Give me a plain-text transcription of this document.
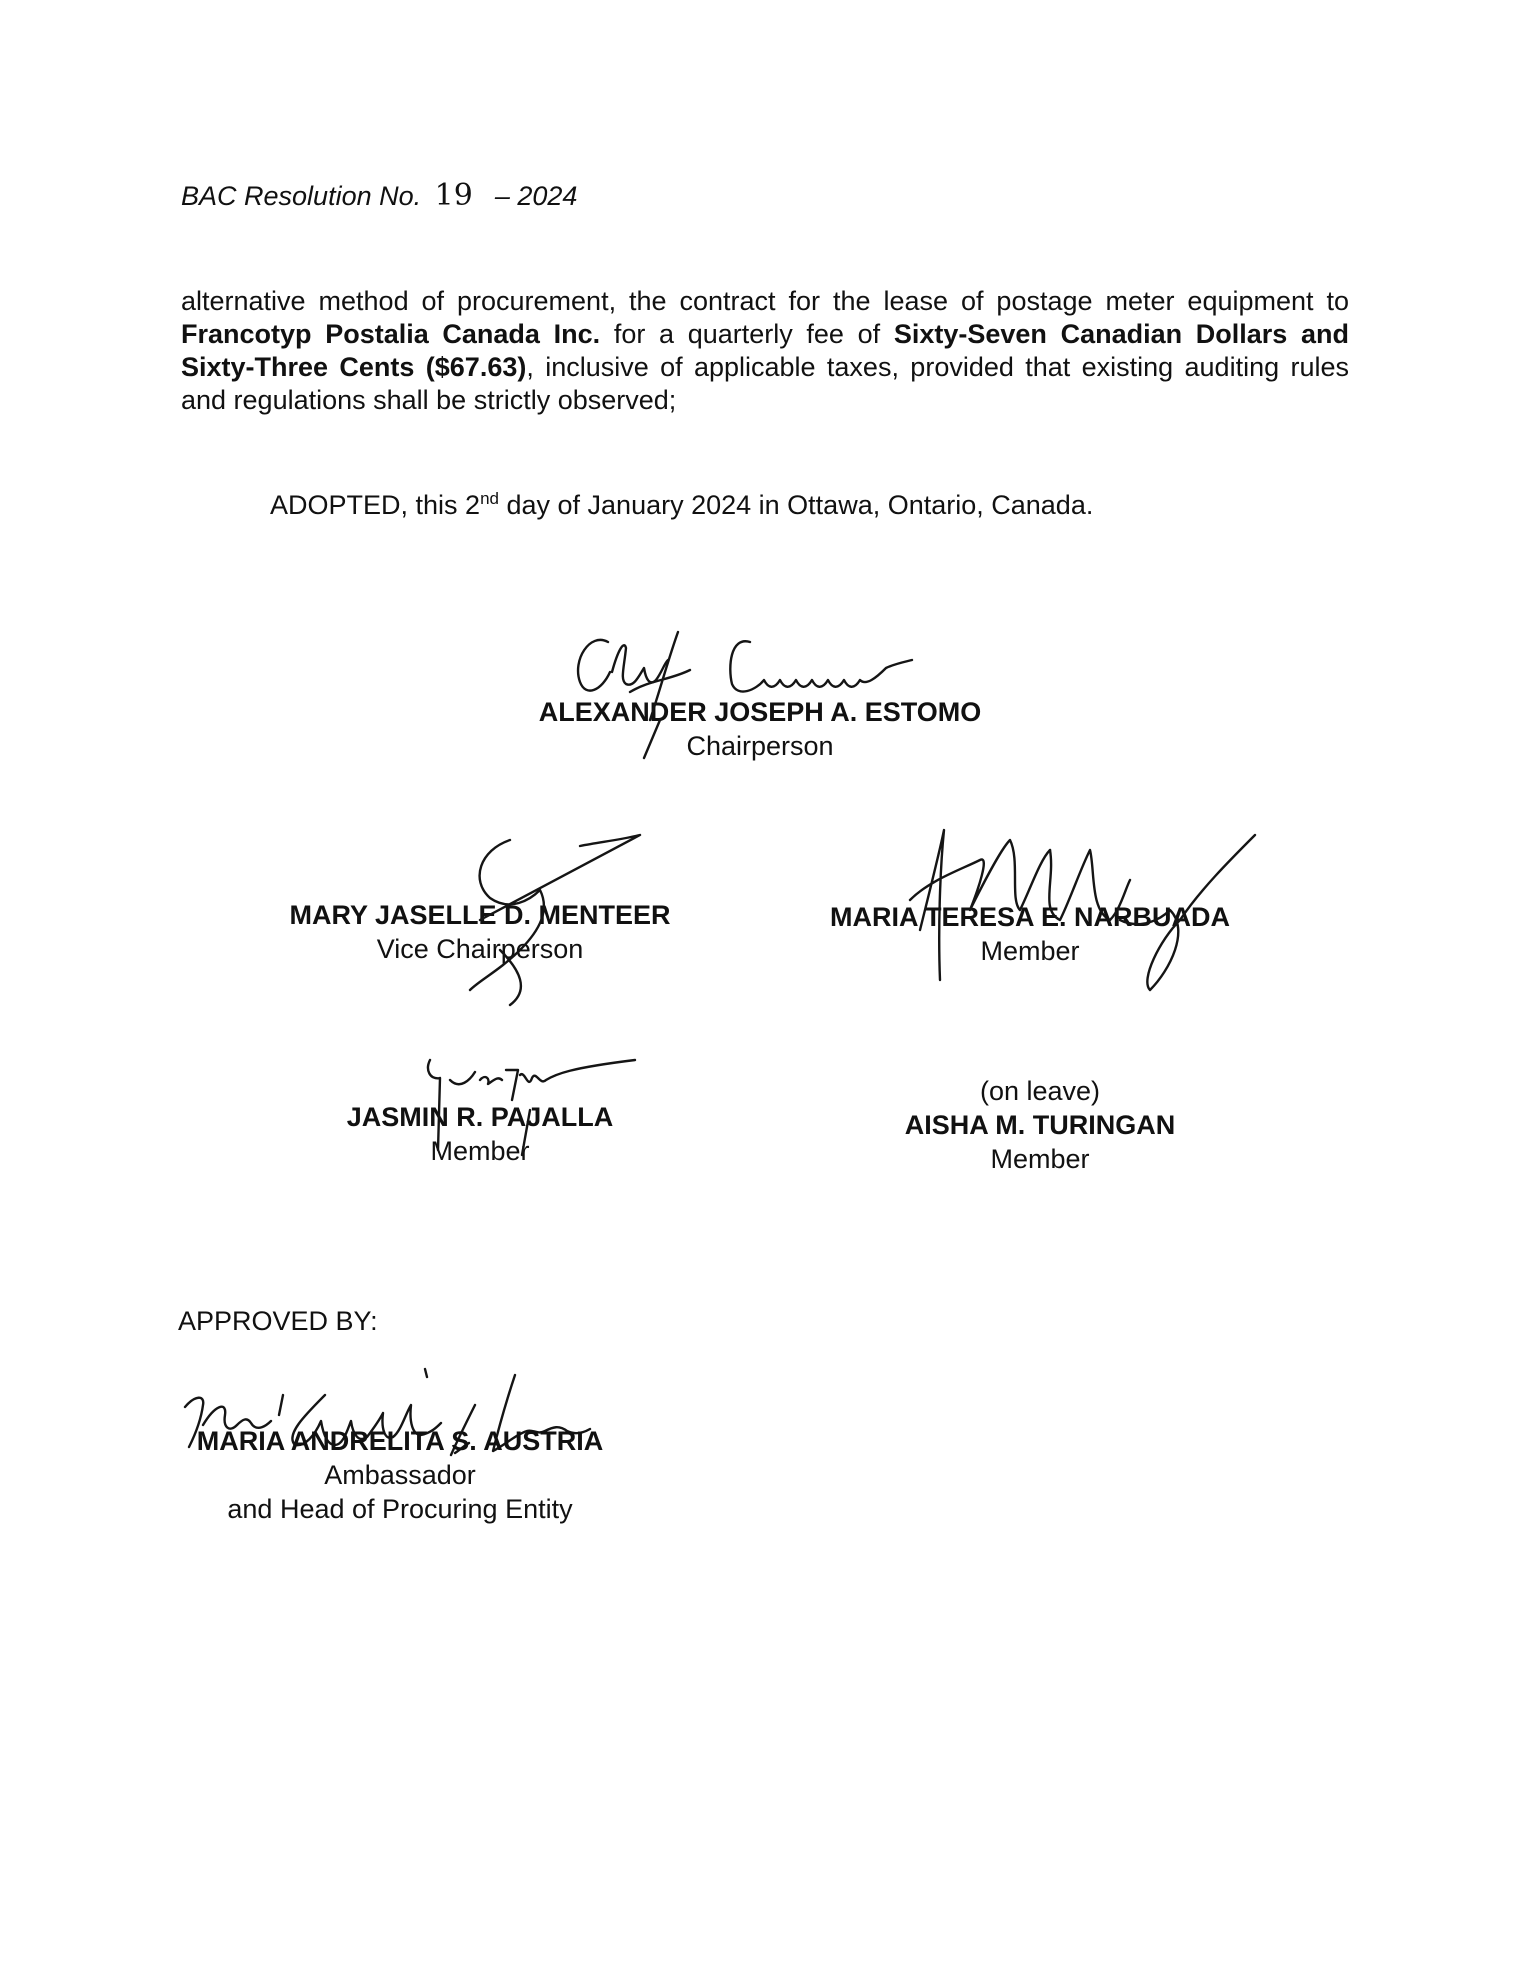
BAC Resolution No. 19 – 2024
alternative method of procurement, the contract for the lease of postage meter equipment to Francotyp Postalia Canada Inc. for a quarterly fee of Sixty-Seven Canadian Dollars and Sixty-Three Cents ($67.63), inclusive of applicable taxes, provided that existing auditing rules and regulations shall be strictly observed;
ADOPTED, this 2nd day of January 2024 in Ottawa, Ontario, Canada.
ALEXANDER JOSEPH A. ESTOMO
Chairperson
MARY JASELLE D. MENTEER
Vice Chairperson
MARIA TERESA E. NARBUADA
Member
JASMIN R. PAJALLA
Member
(on leave)
AISHA M. TURINGAN
Member
APPROVED BY:
MARIA ANDRELITA S. AUSTRIA
Ambassador
and Head of Procuring Entity
